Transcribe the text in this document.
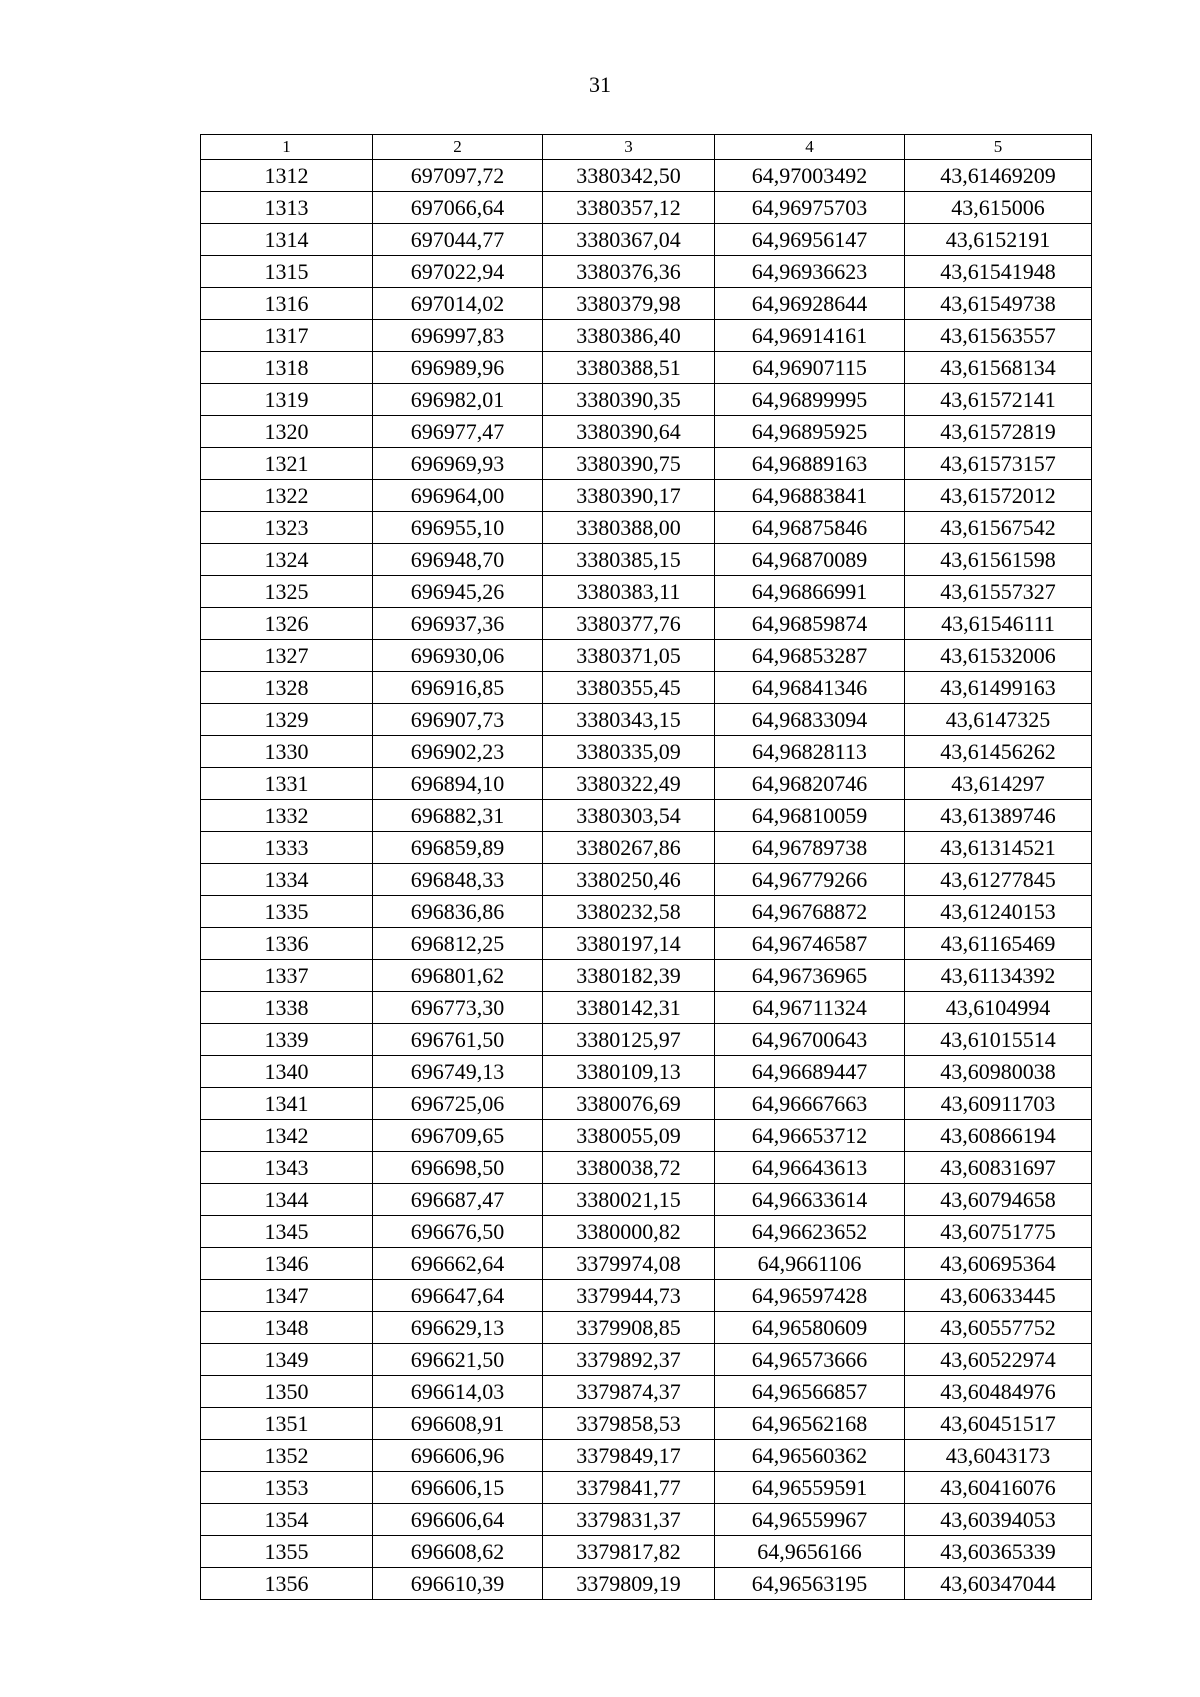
31
1	2	3	4	5
1312	697097,72	3380342,50	64,97003492	43,61469209
1313	697066,64	3380357,12	64,96975703	43,615006
1314	697044,77	3380367,04	64,96956147	43,6152191
1315	697022,94	3380376,36	64,96936623	43,61541948
1316	697014,02	3380379,98	64,96928644	43,61549738
1317	696997,83	3380386,40	64,96914161	43,61563557
1318	696989,96	3380388,51	64,96907115	43,61568134
1319	696982,01	3380390,35	64,96899995	43,61572141
1320	696977,47	3380390,64	64,96895925	43,61572819
1321	696969,93	3380390,75	64,96889163	43,61573157
1322	696964,00	3380390,17	64,96883841	43,61572012
1323	696955,10	3380388,00	64,96875846	43,61567542
1324	696948,70	3380385,15	64,96870089	43,61561598
1325	696945,26	3380383,11	64,96866991	43,61557327
1326	696937,36	3380377,76	64,96859874	43,61546111
1327	696930,06	3380371,05	64,96853287	43,61532006
1328	696916,85	3380355,45	64,96841346	43,61499163
1329	696907,73	3380343,15	64,96833094	43,6147325
1330	696902,23	3380335,09	64,96828113	43,61456262
1331	696894,10	3380322,49	64,96820746	43,614297
1332	696882,31	3380303,54	64,96810059	43,61389746
1333	696859,89	3380267,86	64,96789738	43,61314521
1334	696848,33	3380250,46	64,96779266	43,61277845
1335	696836,86	3380232,58	64,96768872	43,61240153
1336	696812,25	3380197,14	64,96746587	43,61165469
1337	696801,62	3380182,39	64,96736965	43,61134392
1338	696773,30	3380142,31	64,96711324	43,6104994
1339	696761,50	3380125,97	64,96700643	43,61015514
1340	696749,13	3380109,13	64,96689447	43,60980038
1341	696725,06	3380076,69	64,96667663	43,60911703
1342	696709,65	3380055,09	64,96653712	43,60866194
1343	696698,50	3380038,72	64,96643613	43,60831697
1344	696687,47	3380021,15	64,96633614	43,60794658
1345	696676,50	3380000,82	64,96623652	43,60751775
1346	696662,64	3379974,08	64,9661106	43,60695364
1347	696647,64	3379944,73	64,96597428	43,60633445
1348	696629,13	3379908,85	64,96580609	43,60557752
1349	696621,50	3379892,37	64,96573666	43,60522974
1350	696614,03	3379874,37	64,96566857	43,60484976
1351	696608,91	3379858,53	64,96562168	43,60451517
1352	696606,96	3379849,17	64,96560362	43,6043173
1353	696606,15	3379841,77	64,96559591	43,60416076
1354	696606,64	3379831,37	64,96559967	43,60394053
1355	696608,62	3379817,82	64,9656166	43,60365339
1356	696610,39	3379809,19	64,96563195	43,60347044
